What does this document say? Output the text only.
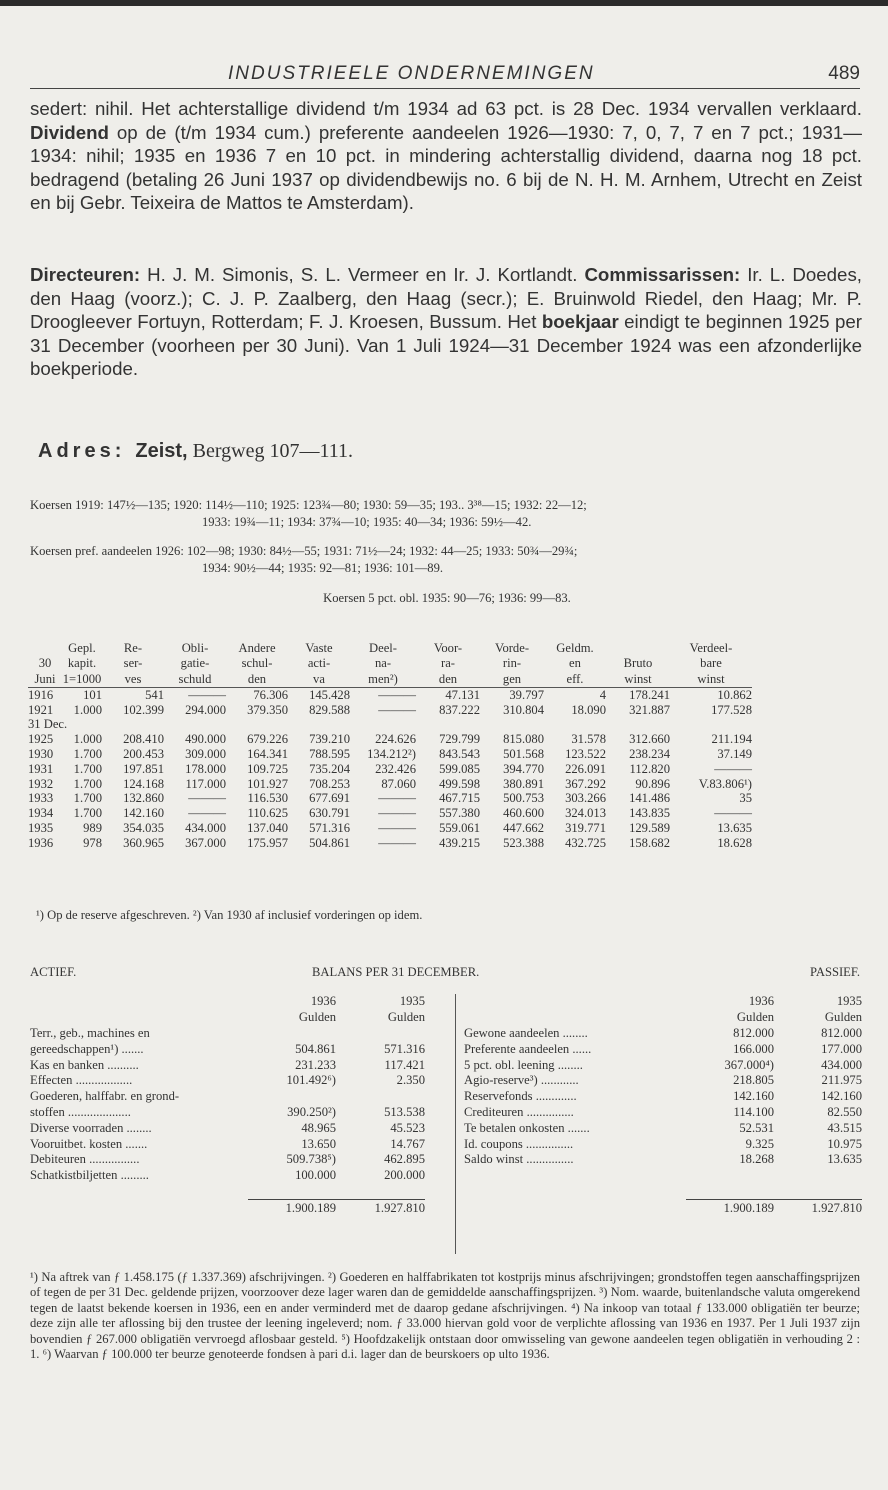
INDUSTRIEELE ONDERNEMINGEN	489
sedert: nihil. Het achterstallige dividend t/m 1934 ad 63 pct. is 28 Dec. 1934 vervallen verklaard. Dividend op de (t/m 1934 cum.) preferente aandeelen 1926—1930: 7, 0, 7, 7 en 7 pct.; 1931—1934: nihil; 1935 en 1936 7 en 10 pct. in mindering achterstallig dividend, daarna nog 18 pct. bedragend (betaling 26 Juni 1937 op dividendbewijs no. 6 bij de N. H. M. Arnhem, Utrecht en Zeist en bij Gebr. Teixeira de Mattos te Amsterdam).
Directeuren: H. J. M. Simonis, S. L. Vermeer en Ir. J. Kortlandt. Commissarissen: Ir. L. Doedes, den Haag (voorz.); C. J. P. Zaalberg, den Haag (secr.); E. Bruinwold Riedel, den Haag; Mr. P. Droogleever Fortuyn, Rotterdam; F. J. Kroesen, Bussum. Het boekjaar eindigt te beginnen 1925 per 31 December (voorheen per 30 Juni). Van 1 Juli 1924—31 December 1924 was een afzonderlijke boekperiode.
Adres: Zeist, Bergweg 107—111.
Koersen 1919: 147½—135; 1920: 114½—110; 1925: 123¾—80; 1930: 59—35; 193.. 3³⁸—15; 1932: 22—12;
1933: 19¾—11; 1934: 37¾—10; 1935: 40—34; 1936: 59½—42.
Koersen pref. aandeelen 1926: 102—98; 1930: 84½—55; 1931: 71½—24; 1932: 44—25; 1933: 50¾—29¾;
1934: 90½—44; 1935: 92—81; 1936: 101—89.
Koersen 5 pct. obl. 1935: 90—76; 1936: 99—83.
	Gepl.	Re-	Obli-	Andere	Vaste	Deel-	Voor-	Vorde-	Geldm.		Verdeel-
30	kapit.	ser-	gatie-	schul-	acti-	na-	ra-	rin-	en	Bruto	bare
Juni	1=1000	ves	schuld	den	va	men²)	den	gen	eff.	winst	winst
1916	101	541	———	76.306	145.428	———	47.131	39.797	4	178.241	10.862
1921	1.000	102.399	294.000	379.350	829.588	———	837.222	310.804	18.090	321.887	177.528
31 Dec.											
1925	1.000	208.410	490.000	679.226	739.210	224.626	729.799	815.080	31.578	312.660	211.194
1930	1.700	200.453	309.000	164.341	788.595	134.212²)	843.543	501.568	123.522	238.234	37.149
1931	1.700	197.851	178.000	109.725	735.204	232.426	599.085	394.770	226.091	112.820	———
1932	1.700	124.168	117.000	101.927	708.253	87.060	499.598	380.891	367.292	90.896	V.83.806¹)
1933	1.700	132.860	———	116.530	677.691	———	467.715	500.753	303.266	141.486	35
1934	1.700	142.160	———	110.625	630.791	———	557.380	460.600	324.013	143.835	———
1935	989	354.035	434.000	137.040	571.316	———	559.061	447.662	319.771	129.589	13.635
1936	978	360.965	367.000	175.957	504.861	———	439.215	523.388	432.725	158.682	18.628
¹) Op de reserve afgeschreven. ²) Van 1930 af inclusief vorderingen op idem.
ACTIEF.	BALANS PER 31 DECEMBER.	PASSIEF.
	1936	1935
	Gulden	Gulden
Terr., geb., machines en		
gereedschappen¹) .......	504.861	571.316
Kas en banken ..........	231.233	117.421
Effecten ..................	101.492⁶)	2.350
Goederen, halffabr. en grond-		
stoffen ....................	390.250²)	513.538
Diverse voorraden ........	48.965	45.523
Vooruitbet. kosten .......	13.650	14.767
Debiteuren ................	509.738⁵)	462.895
Schatkistbiljetten .........	100.000	200.000

	1.900.189	1.927.810
	1936	1935
	Gulden	Gulden
Gewone aandeelen ........	812.000	812.000
Preferente aandeelen ......	166.000	177.000
5 pct. obl. leening ........	367.000⁴)	434.000
Agio-reserve³) ............	218.805	211.975
Reservefonds .............	142.160	142.160
Crediteuren ...............	114.100	82.550
Te betalen onkosten .......	52.531	43.515
Id. coupons ...............	9.325	10.975
Saldo winst ...............	18.268	13.635

	1.900.189	1.927.810
¹) Na aftrek van ƒ 1.458.175 (ƒ 1.337.369) afschrijvingen. ²) Goederen en halffabrikaten tot kostprijs minus afschrijvingen; grondstoffen tegen aanschaffingsprijzen of tegen de per 31 Dec. geldende prijzen, voorzoover deze lager waren dan de gemiddelde aanschaffingsprijzen. ³) Nom. waarde, buitenlandsche valuta omgerekend tegen de laatst bekende koersen in 1936, een en ander verminderd met de daarop gedane afschrijvingen. ⁴) Na inkoop van totaal ƒ 133.000 obligatiën ter beurze; deze zijn alle ter aflossing bij den trustee der leening ingeleverd; nom. ƒ 33.000 hiervan gold voor de verplichte aflossing van 1936 en 1937. Per 1 Juli 1937 zijn bovendien ƒ 267.000 obligatiën vervroegd aflosbaar gesteld. ⁵) Hoofdzakelijk ontstaan door omwisseling van gewone aandeelen tegen obligatiën in verhouding 2 : 1. ⁶) Waarvan ƒ 100.000 ter beurze genoteerde fondsen à pari d.i. lager dan de beurskoers op ulto 1936.
